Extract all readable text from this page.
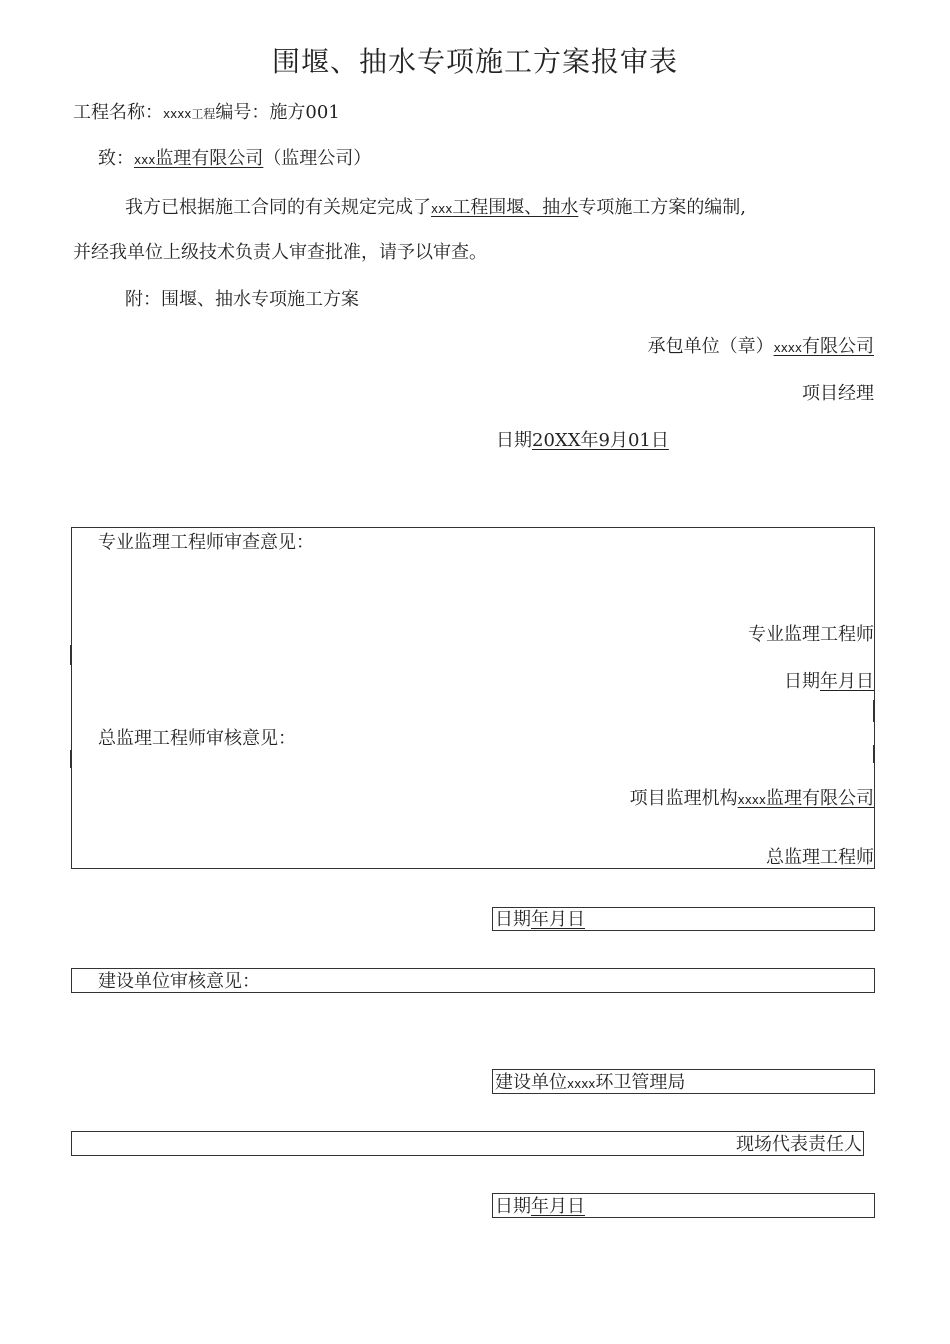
围堰、抽水专项施工方案报审表
工程名称：xxxx工程编号：施方001
致：xxx监理有限公司（监理公司）
我方已根据施工合同的有关规定完成了xxx工程围堰、抽水专项施工方案的编制,
并经我单位上级技术负责人审查批准，请予以审查。
附：围堰、抽水专项施工方案
承包单位（章）xxxx有限公司
项目经理
日期20XX年9月01日
专业监理工程师审查意见：
专业监理工程师
日期年月日
总监理工程师审核意见：
项目监理机构xxxx监理有限公司
总监理工程师
日期年月日
建设单位审核意见：
建设单位xxxx环卫管理局
现场代表责任人
日期年月日
